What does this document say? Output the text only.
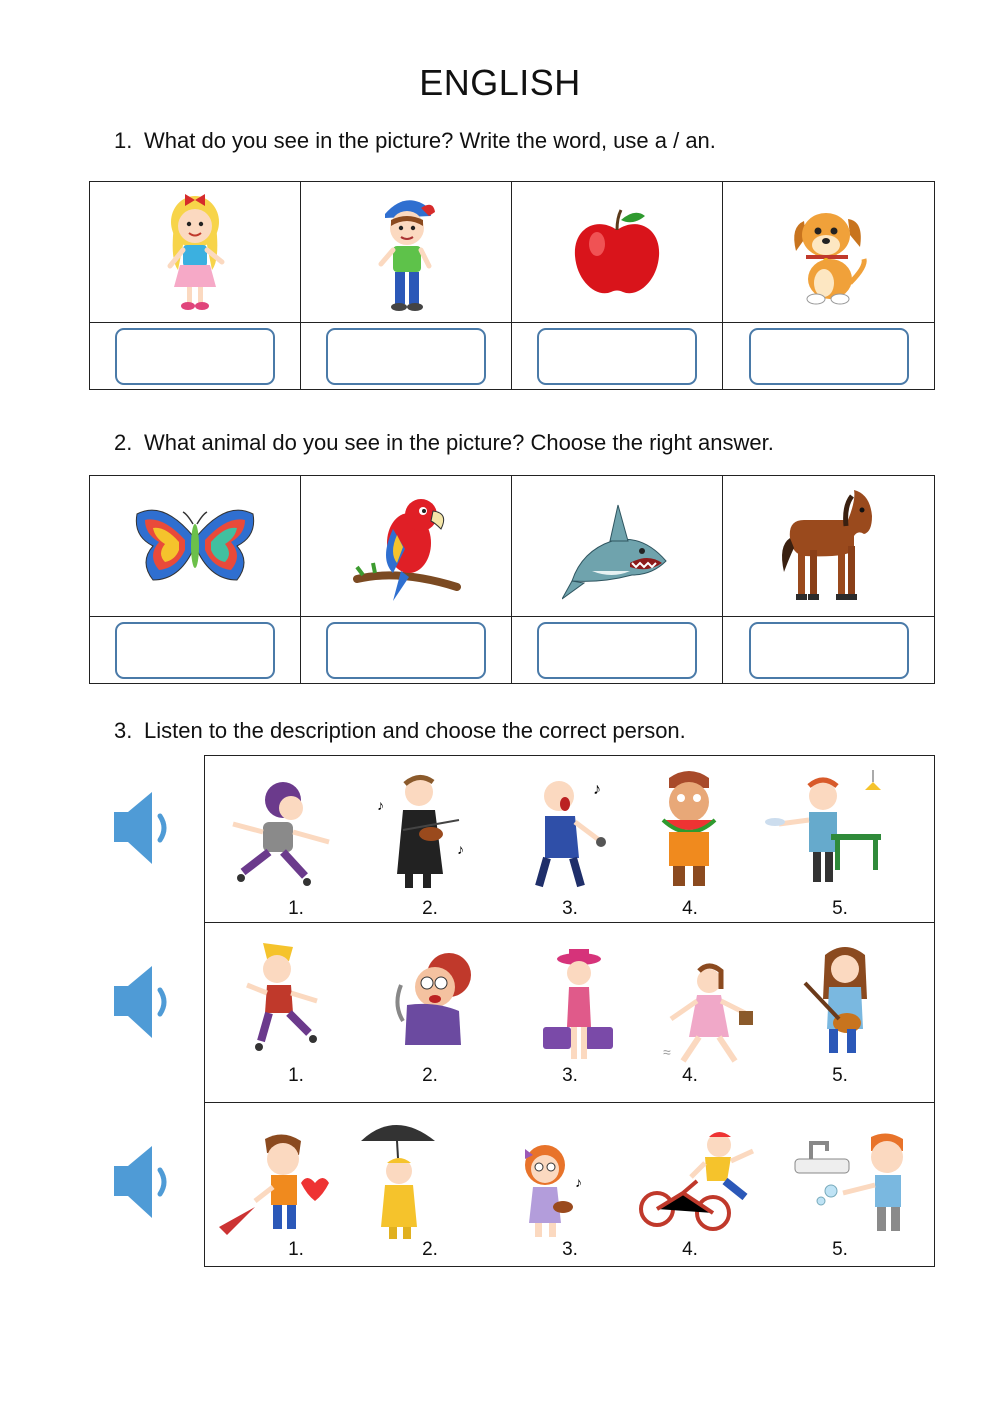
ENGLISH
1. What do you see in the picture? Write the word, use a / an.
2. What animal do you see in the picture? Choose the right answer.
3. Listen to the description and choose the correct person.
♪
♪
♪
1.	2.	3.	4.	5.
≈
1.	2.	3.	4.	5.
♪
1.	2.	3.	4.	5.
